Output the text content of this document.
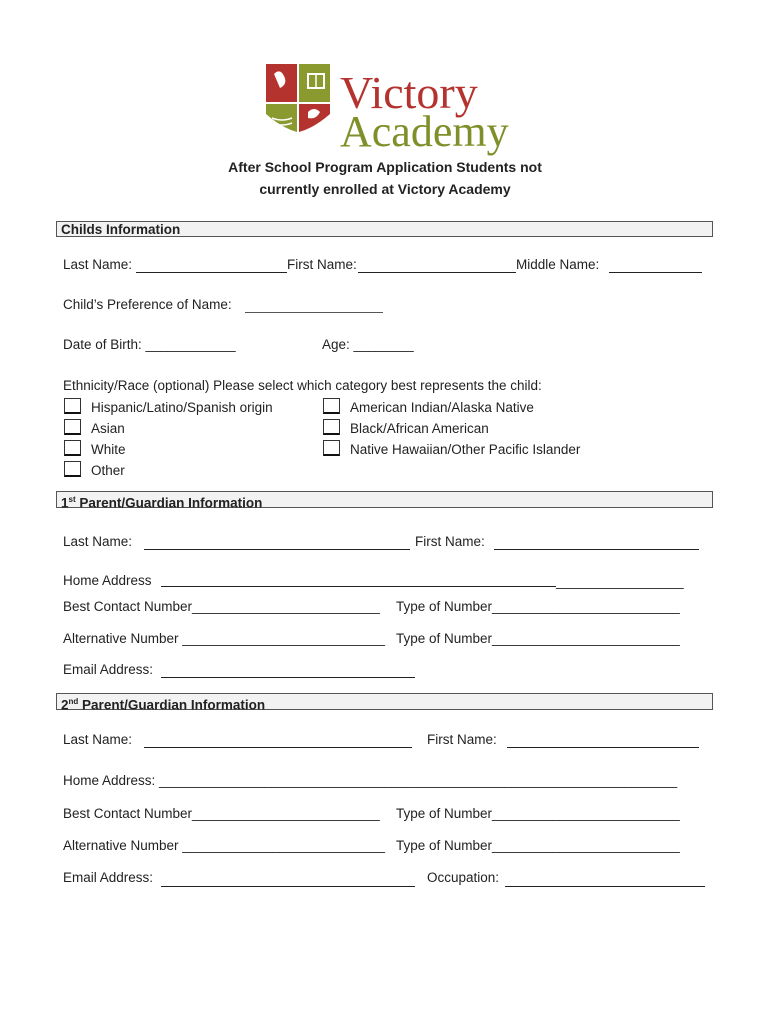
Victory
Academy
After School Program Application Students not
currently enrolled at Victory Academy
Childs Information
Last Name:	First Name:	Middle Name:
Child’s Preference of Name:
Date of Birth: ____________	Age: ________
Ethnicity/Race (optional) Please select which category best represents the child:
Hispanic/Latino/Spanish origin
Asian
White
Other
American Indian/Alaska Native
Black/African American
Native Hawaiian/Other Pacific Islander
1st Parent/Guardian Information
Last Name:	First Name:
Home Address	_________________
Best Contact Number_________________________ Type of Number_________________________
Alternative Number ___________________________ Type of Number_________________________
Email Address:
2nd Parent/Guardian Information
Last Name:	First Name:
Home Address: _____________________________________________________________________
Best Contact Number_________________________ Type of Number_________________________
Alternative Number ___________________________ Type of Number_________________________
Email Address:	Occupation:
